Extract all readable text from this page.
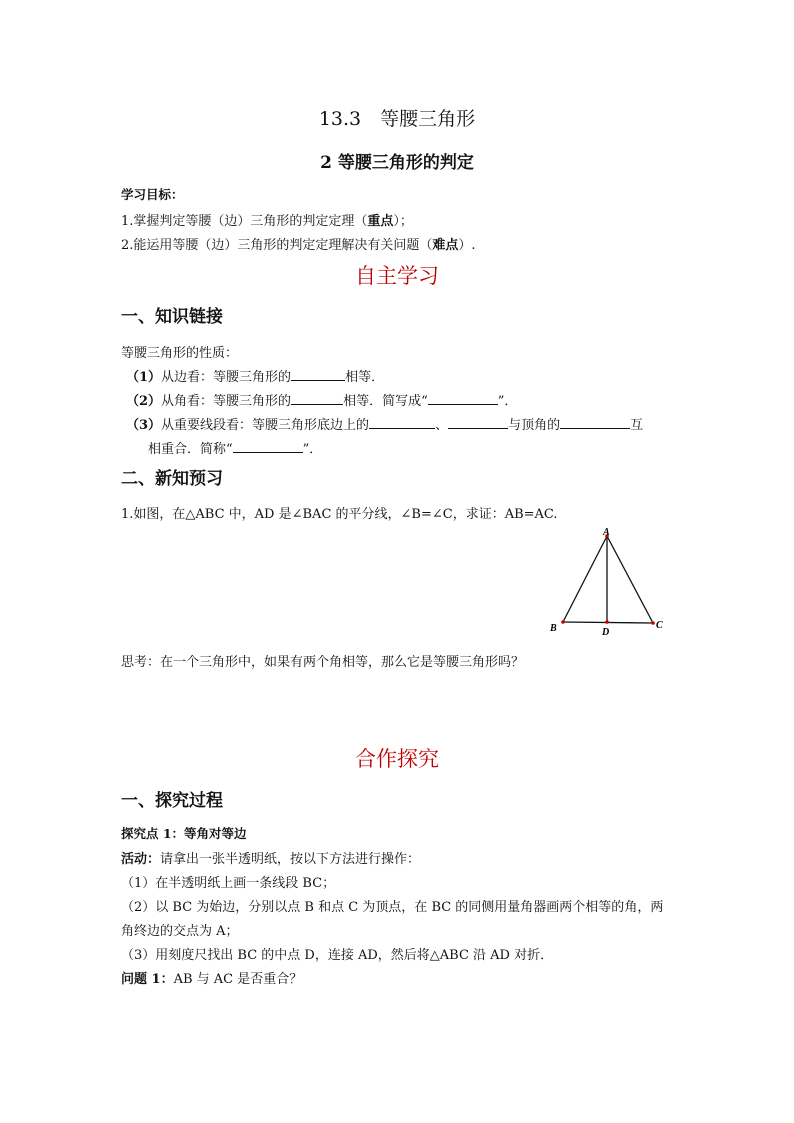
13.3　等腰三角形
2 等腰三角形的判定
学习目标：
1.掌握判定等腰（边）三角形的判定定理（重点）；
2.能运用等腰（边）三角形的判定定理解决有关问题（难点）.
自主学习
一、知识链接
等腰三角形的性质：
（1）从边看：等腰三角形的	相等．
（2）从角看：等腰三角形的	相等．简写成“	”．
（3）从重要线段看：等腰三角形底边上的	、	与顶角的	互
相重合．简称“	”．
二、新知预习
1.如图，在△ABC 中，AD 是∠BAC 的平分线，∠B=∠C，求证：AB=AC.
A
B	D
C
思考：在一个三角形中，如果有两个角相等，那么它是等腰三角形吗？
合作探究
一、探究过程
探究点 1：等角对等边
活动：请拿出一张半透明纸，按以下方法进行操作：
（1）在半透明纸上画一条线段 BC；
（2）以 BC 为始边，分别以点 B 和点 C 为顶点，在 BC 的同侧用量角器画两个相等的角，两
角终边的交点为 A；
（3）用刻度尺找出 BC 的中点 D，连接 AD，然后将△ABC 沿 AD 对折．
问题 1：AB 与 AC 是否重合？
